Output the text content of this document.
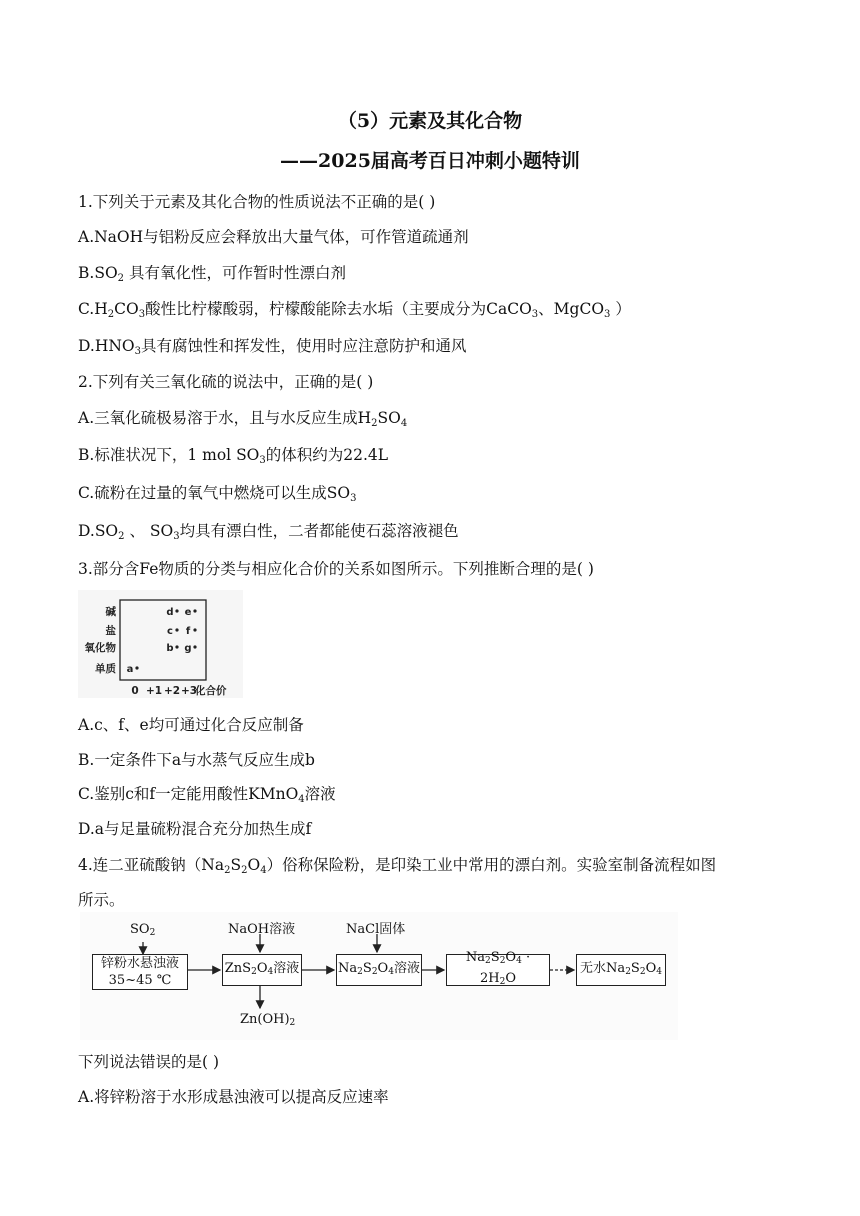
（5）元素及其化合物
——2025届高考百日冲刺小题特训
1.下列关于元素及其化合物的性质说法不正确的是( )
A.NaOH与铝粉反应会释放出大量气体，可作管道疏通剂
$B.SO_2$ 具有氧化性，可作暂时性漂白剂
$C.H_2CO_3$酸性比柠檬酸弱，柠檬酸能除去水垢（主要成分为CaCO$_3$、MgCO$_3$ ）
$D.HNO_3$具有腐蚀性和挥发性，使用时应注意防护和通风
2.下列有关三氧化硫的说法中，正确的是( )
A.三氧化硫极易溶于水，且与水反应生成$H_2SO_4$
B.标准状况下，1 mol $SO_3$的体积约为22.4L
C.硫粉在过量的氧气中燃烧可以生成$SO_3$
$D.SO_2$ 、 $SO_3$均具有漂白性，二者都能使石蕊溶液褪色
3.部分含Fe物质的分类与相应化合价的关系如图所示。下列推断合理的是( )
单质
氧化物
盐
碱
0 +1 +2 +3
化合价
a
b g
c f
d e
A.c、f、e均可通过化合反应制备
B.一定条件下a与水蒸气反应生成b
C.鉴别c和f一定能用酸性KMnO$_4$溶液
D.a与足量硫粉混合充分加热生成f
4.连二亚硫酸钠$(Na_2S_2O_4)$俗称保险粉，是印染工业中常用的漂白剂。实验室制备流程如图
所示。
$SO_2$
锌粉水悬浊液
35~45 ℃
NaOH溶液
$ZnS_2O_4$溶液
$Zn(OH)_2$
NaCl固体
$Na_2S_2O_4$溶液
$Na_2S_2O_4 \cdot 2H_2O$
无水$Na_2S_2O_4$
下列说法错误的是( )
A.将锌粉溶于水形成悬浊液可以提高反应速率
